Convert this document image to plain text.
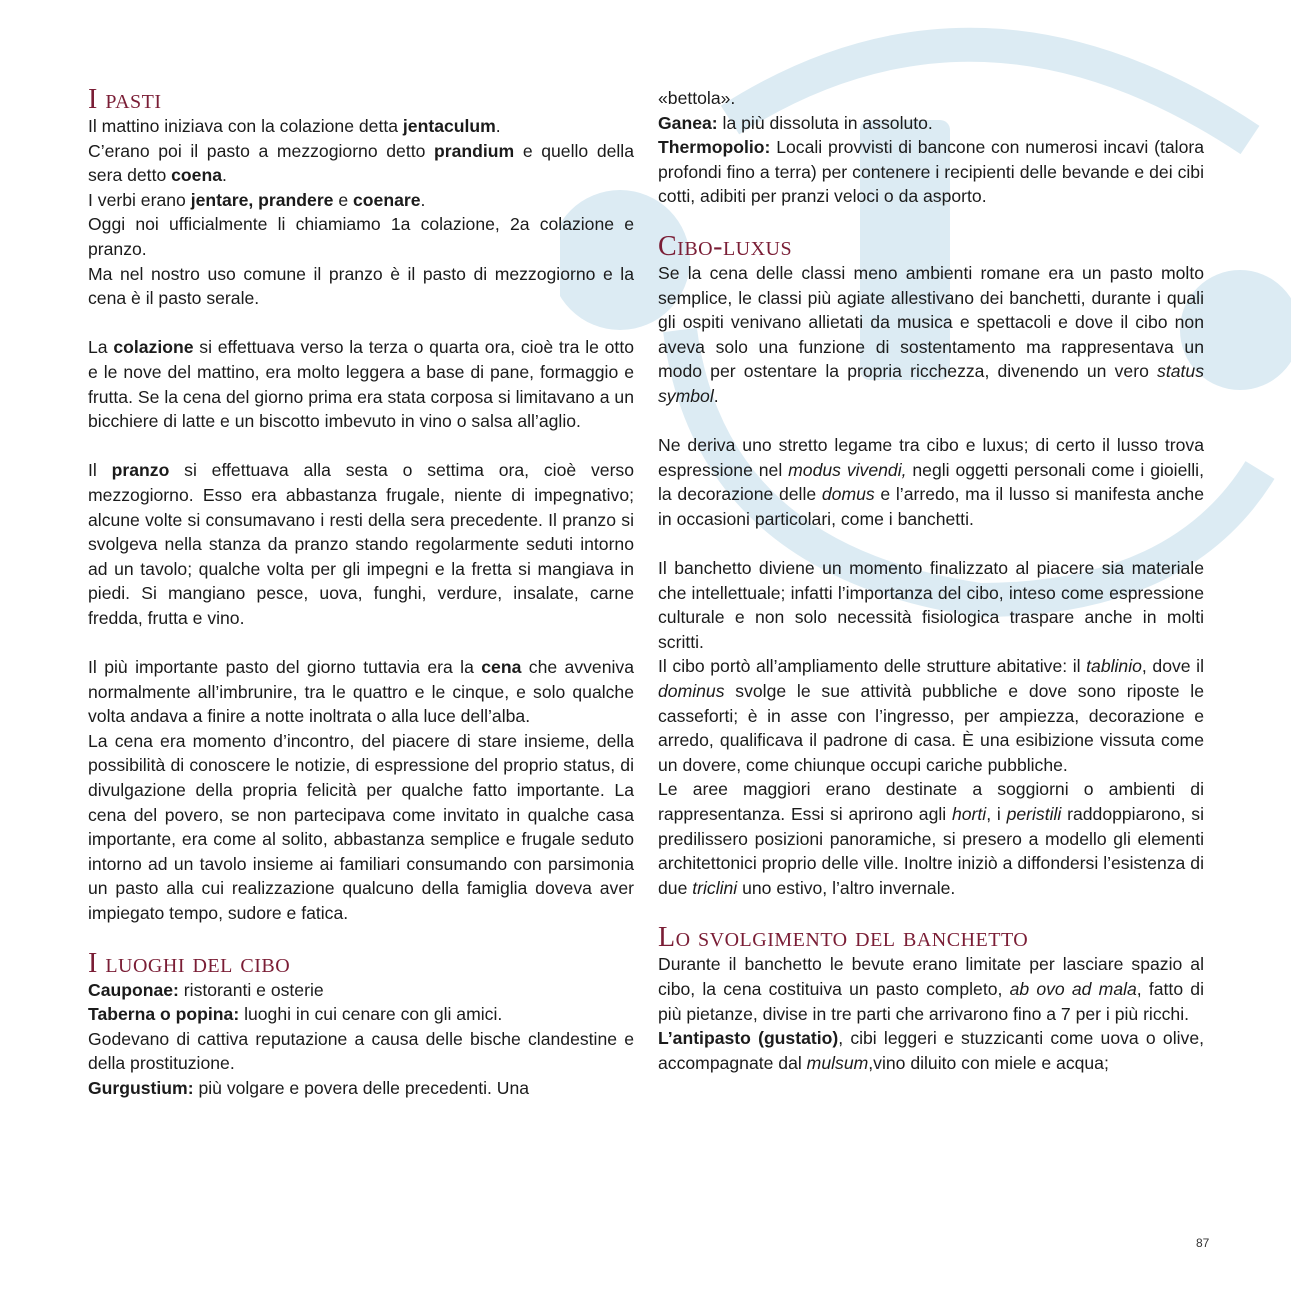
I pasti

Il mattino iniziava con la colazione detta jentaculum.

C’erano poi il pasto a mezzogiorno detto prandium e quello della sera detto coena.

I verbi erano jentare, prandere e coenare.

Oggi noi ufficialmente li chiamiamo 1a colazione, 2a colazione e pranzo.

Ma nel nostro uso comune il pranzo è il pasto di mezzogiorno e la cena è il pasto serale.

La colazione si effettuava verso la terza o quarta ora, cioè tra le otto e le nove del mattino, era molto leggera a base di pane, formaggio e frutta. Se la cena del giorno prima era stata corposa si limitavano a un bicchiere di latte e un biscotto imbevuto in vino o salsa all’aglio.

Il pranzo si effettuava alla sesta o settima ora, cioè verso mezzogiorno. Esso era abbastanza frugale, niente di impegnativo; alcune volte si consumavano i resti della sera precedente. Il pranzo si svolgeva nella stanza da pranzo stando regolarmente seduti intorno ad un tavolo; qualche volta per gli impegni e la fretta si mangiava in piedi. Si mangiano pesce, uova, funghi, verdure, insalate, carne fredda, frutta e vino.

Il più importante pasto del giorno tuttavia era la cena che avveniva normalmente all’imbrunire, tra le quattro e le cinque, e solo qualche volta andava a finire a notte inoltrata o alla luce dell’alba.

La cena era momento d’incontro, del piacere di stare insieme, della possibilità di conoscere le notizie, di espressione del proprio status, di divulgazione della propria felicità per qualche fatto importante. La cena del povero, se non partecipava come invitato in qualche casa importante, era come al solito, abbastanza semplice e frugale seduto intorno ad un tavolo insieme ai familiari consumando con parsimonia un pasto alla cui realizzazione qualcuno della famiglia doveva aver impiegato tempo, sudore e fatica.

I luoghi del cibo

Cauponae: ristoranti e osterie

Taberna o popina: luoghi in cui cenare con gli amici.

Godevano di cattiva reputazione a causa delle bische clandestine e della prostituzione.

Gurgustium: più volgare e povera delle precedenti. Una

«bettola».

Ganea: la più dissoluta in assoluto.

Thermopolio: Locali provvisti di bancone con numerosi incavi (talora profondi fino a terra) per contenere i recipienti delle bevande e dei cibi cotti, adibiti per pranzi veloci o da asporto.

Cibo-luxus

Se la cena delle classi meno ambienti romane era un pasto molto semplice, le classi più agiate allestivano dei banchetti, durante i quali gli ospiti venivano allietati da musica e spettacoli e dove il cibo non aveva solo una funzione di sostentamento ma rappresentava un modo per ostentare la propria ricchezza, divenendo un vero status symbol.

Ne deriva uno stretto legame tra cibo e luxus; di certo il lusso trova espressione nel modus vivendi, negli oggetti personali come i gioielli, la decorazione delle domus e l’arredo, ma il lusso si manifesta anche in occasioni particolari, come i banchetti.

Il banchetto diviene un momento finalizzato al piacere sia materiale che intellettuale; infatti l’importanza del cibo, inteso come espressione culturale e non solo necessità fisiologica traspare anche in molti scritti.

Il cibo portò all’ampliamento delle strutture abitative: il tablinio, dove il dominus svolge le sue attività pubbliche e dove sono riposte le casseforti; è in asse con l’ingresso, per ampiezza, decorazione e arredo, qualificava il padrone di casa. È una esibizione vissuta come un dovere, come chiunque occupi cariche pubbliche.

Le aree maggiori erano destinate a soggiorni o ambienti di rappresentanza. Essi si aprirono agli horti, i peristili raddoppiarono, si predilissero posizioni panoramiche, si presero a modello gli elementi architettonici proprio delle ville. Inoltre iniziò a diffondersi l’esistenza di due triclini uno estivo, l’altro invernale.

Lo svolgimento del banchetto

Durante il banchetto le bevute erano limitate per lasciare spazio al cibo, la cena costituiva un pasto completo, ab ovo ad mala, fatto di più pietanze, divise in tre parti che arrivarono fino a 7 per i più ricchi.

L’antipasto (gustatio), cibi leggeri e stuzzicanti come uova o olive, accompagnate dal mulsum,vino diluito con miele e acqua;

87
